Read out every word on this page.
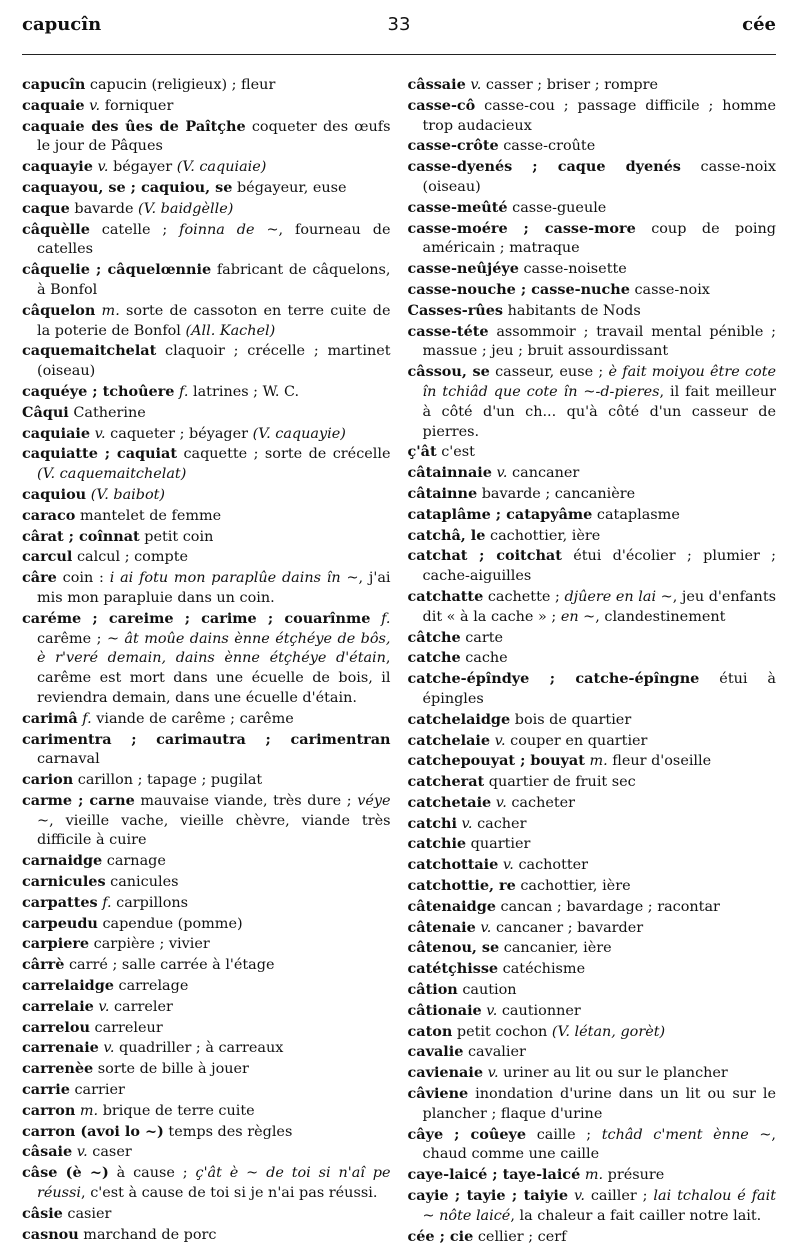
capucîn	33	cée
capucîn capucin (religieux) ; fleur
caquaie v. forniquer
caquaie des ûes de Paîtçhe coqueter des œufs le jour de Pâques
caquayie v. bégayer (V. caquiaie)
caquayou, se ; caquiou, se bégayeur, euse
caque bavarde (V. baidgèlle)
câquèlle catelle ; foinna de ~, fourneau de catelles
câquelie ; câquelœnnie fabricant de câquelons, à Bonfol
câquelon m. sorte de cassoton en terre cuite de la poterie de Bonfol (All. Kachel)
caquemaitchelat claquoir ; crécelle ; martinet (oiseau)
caquéye ; tchoûere f. latrines ; W. C.
Câqui Catherine
caquiaie v. caqueter ; béyager (V. caquayie)
caquiatte ; caquiat caquette ; sorte de crécelle (V. caquemaitchelat)
caquiou (V. baibot)
caraco mantelet de femme
cârat ; coînnat petit coin
carcul calcul ; compte
câre coin : i ai fotu mon paraplûe dains în ~, j'ai mis mon parapluie dans un coin.
caréme ; careime ; carime ; couarînme f. carême ; ~ ât moûe dains ènne étçhéye de bôs, è r'veré demain, dains ènne étçhéye d'étain, carême est mort dans une écuelle de bois, il reviendra demain, dans une écuelle d'étain.
carimâ f. viande de carême ; carême
carimentra ; carimautra ; carimentran carnaval
carion carillon ; tapage ; pugilat
carme ; carne mauvaise viande, très dure ; véye ~, vieille vache, vieille chèvre, viande très difficile à cuire
carnaidge carnage
carnicules canicules
carpattes f. carpillons
carpeudu capendue (pomme)
carpiere carpière ; vivier
cârrè carré ; salle carrée à l'étage
carrelaidge carrelage
carrelaie v. carreler
carrelou carreleur
carrenaie v. quadriller ; à carreaux
carrenèe sorte de bille à jouer
carrie carrier
carron m. brique de terre cuite
carron (avoi lo ~) temps des règles
câsaie v. caser
câse (è ~) à cause ; ç'ât è ~ de toi si n'aî pe réussi, c'est à cause de toi si je n'ai pas réussi.
câsie casier
casnou marchand de porc
câssaie v. casser ; briser ; rompre
casse-cô casse-cou ; passage difficile ; homme trop audacieux
casse-crôte casse-croûte
casse-dyenés ; caque dyenés casse-noix (oiseau)
casse-meûté casse-gueule
casse-moére ; casse-more coup de poing américain ; matraque
casse-neûjéye casse-noisette
casse-nouche ; casse-nuche casse-noix
Casses-rûes habitants de Nods
casse-téte assommoir ; travail mental pénible ; massue ; jeu ; bruit assourdissant
câssou, se casseur, euse ; è fait moiyou être cote în tchiâd que cote în ~-d-pieres, il fait meilleur à côté d'un ch... qu'à côté d'un casseur de pierres.
ç'ât c'est
câtainnaie v. cancaner
câtainne bavarde ; cancanière
cataplâme ; catapyâme cataplasme
catchâ, le cachottier, ière
catchat ; coitchat étui d'écolier ; plumier ; cache-aiguilles
catchatte cachette ; djûere en lai ~, jeu d'enfants dit « à la cache » ; en ~, clandestinement
câtche carte
catche cache
catche-épîndye ; catche-épîngne étui à épingles
catchelaidge bois de quartier
catchelaie v. couper en quartier
catchepouyat ; bouyat m. fleur d'oseille
catcherat quartier de fruit sec
catchetaie v. cacheter
catchi v. cacher
catchie quartier
catchottaie v. cachotter
catchottie, re cachottier, ière
câtenaidge cancan ; bavardage ; racontar
câtenaie v. cancaner ; bavarder
câtenou, se cancanier, ière
catétçhisse catéchisme
câtion caution
câtionaie v. cautionner
caton petit cochon (V. létan, gorèt)
cavalie cavalier
cavienaie v. uriner au lit ou sur le plancher
câviene inondation d'urine dans un lit ou sur le plancher ; flaque d'urine
câye ; coûeye caille ; tchâd c'ment ènne ~, chaud comme une caille
caye-laicé ; taye-laicé m. présure
cayie ; tayie ; taiyie v. cailler ; lai tchalou é fait ~ nôte laicé, la chaleur a fait cailler notre lait.
cée ; cie cellier ; cerf
